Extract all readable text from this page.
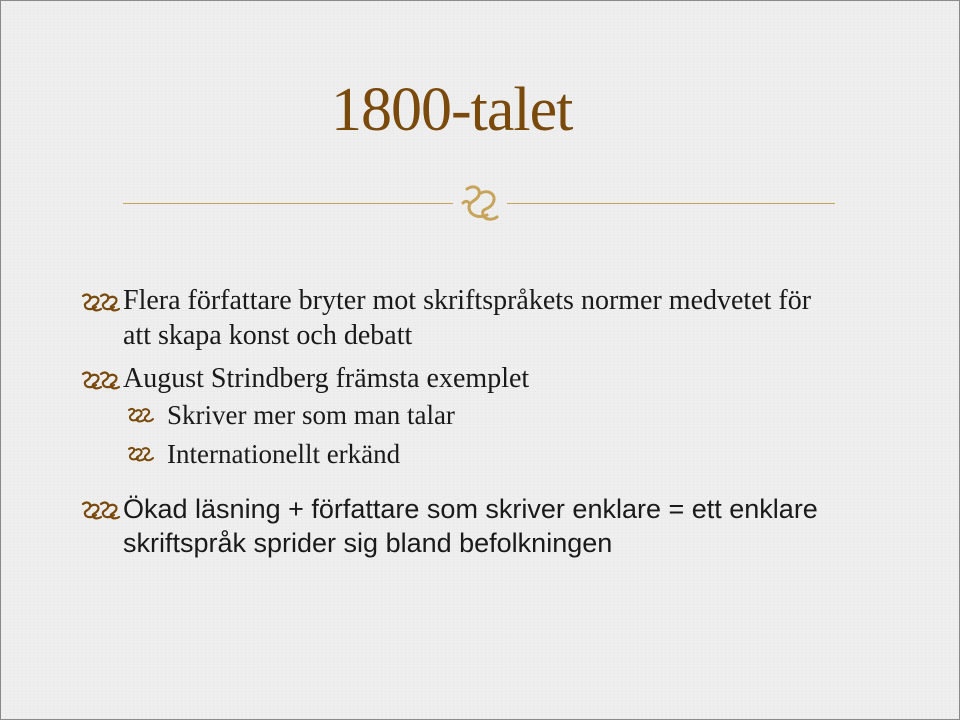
1800-talet
Flera författare bryter mot skriftspråkets normer medvetet för att skapa konst och debatt
August Strindberg främsta exemplet
Skriver mer som man talar
Internationellt erkänd
Ökad läsning + författare som skriver enklare = ett enklare skriftspråk sprider sig bland befolkningen
